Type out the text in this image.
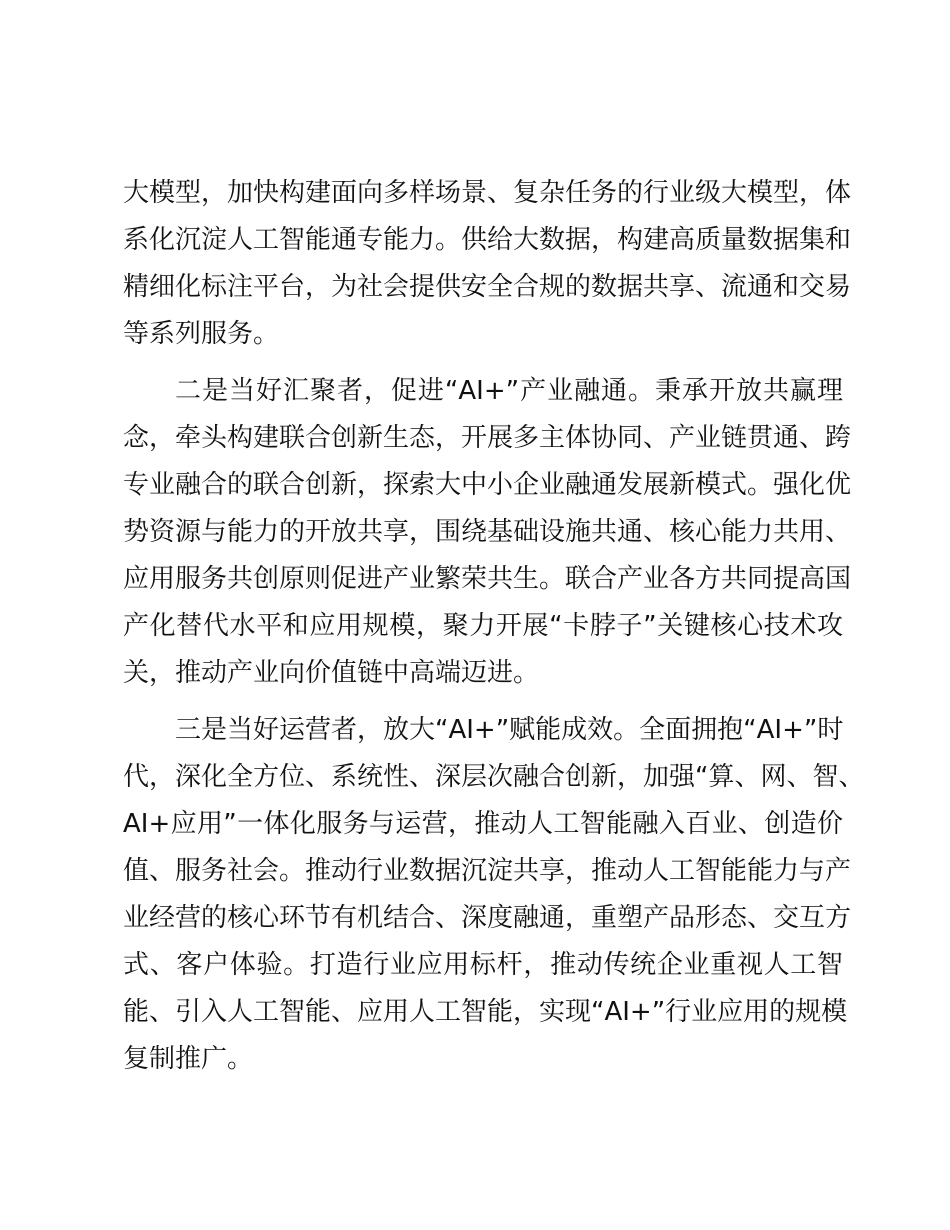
大模型，加快构建面向多样场景、复杂任务的行业级大模型，体
系化沉淀人工智能通专能力。供给大数据，构建高质量数据集和
精细化标注平台，为社会提供安全合规的数据共享、流通和交易
等系列服务。
二是当好汇聚者，促进“AI+”产业融通。秉承开放共赢理
念，牵头构建联合创新生态，开展多主体协同、产业链贯通、跨
专业融合的联合创新，探索大中小企业融通发展新模式。强化优
势资源与能力的开放共享，围绕基础设施共通、核心能力共用、
应用服务共创原则促进产业繁荣共生。联合产业各方共同提高国
产化替代水平和应用规模，聚力开展“卡脖子”关键核心技术攻
关，推动产业向价值链中高端迈进。
三是当好运营者，放大“AI+”赋能成效。全面拥抱“AI+”时
代，深化全方位、系统性、深层次融合创新，加强“算、网、智、
AI+应用”一体化服务与运营，推动人工智能融入百业、创造价
值、服务社会。推动行业数据沉淀共享，推动人工智能能力与产
业经营的核心环节有机结合、深度融通，重塑产品形态、交互方
式、客户体验。打造行业应用标杆，推动传统企业重视人工智
能、引入人工智能、应用人工智能，实现“AI+”行业应用的规模
复制推广。
